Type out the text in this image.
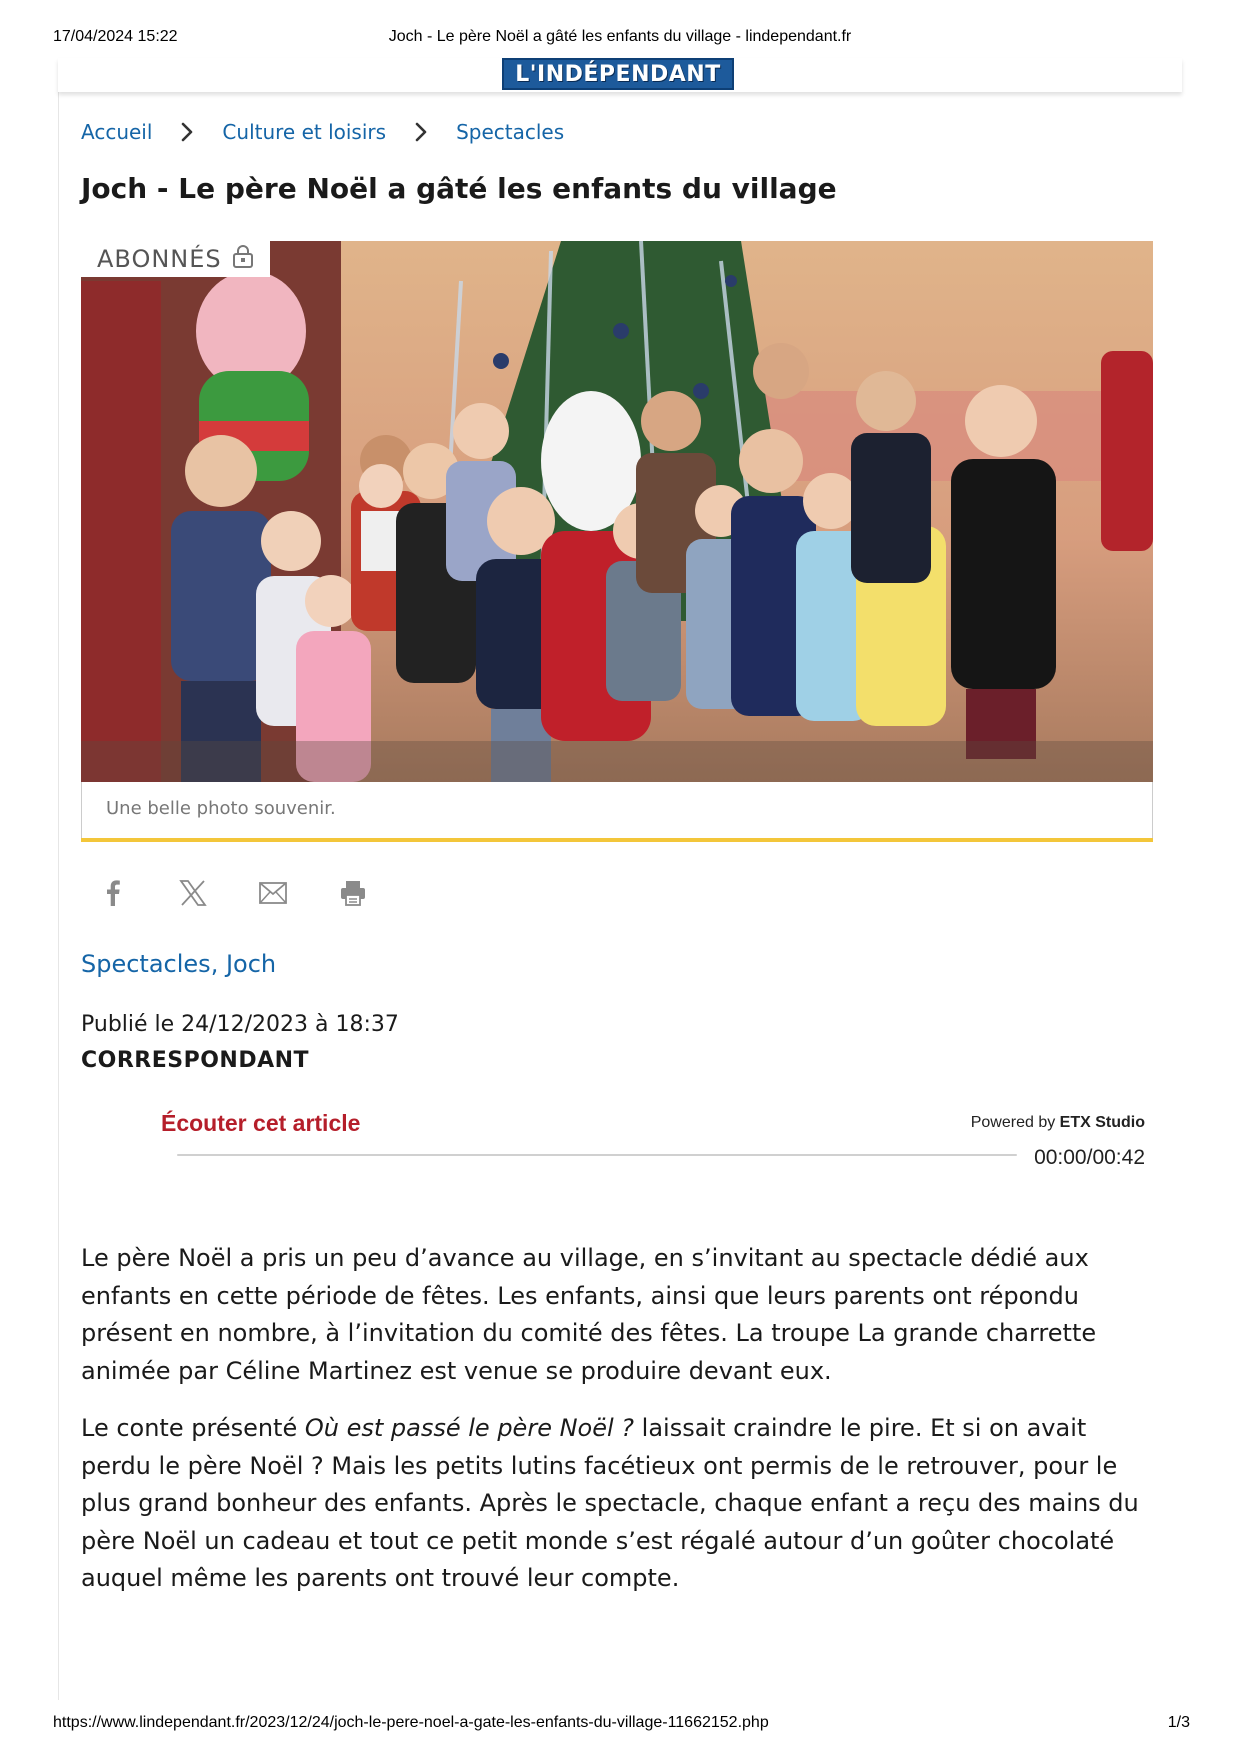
17/04/2024 15:22	Joch - Le père Noël a gâté les enfants du village - lindependant.fr
L'INDÉPENDANT
Accueil	Culture et loisirs	Spectacles
Joch - Le père Noël a gâté les enfants du village
ABONNÉS
Une belle photo souvenir.
Spectacles, Joch
Publié le 24/12/2023 à 18:37
CORRESPONDANT
Écouter cet article	Powered by ETX Studio
00:00/00:42

Le père Noël a pris un peu d’avance au village, en s’invitant au spectacle dédié aux enfants en cette période de fêtes. Les enfants, ainsi que leurs parents ont répondu présent en nombre, à l’invitation du comité des fêtes. La troupe La grande charrette animée par Céline Martinez est venue se produire devant eux.

Le conte présenté Où est passé le père Noël ? laissait craindre le pire. Et si on avait perdu le père Noël ? Mais les petits lutins facétieux ont permis de le retrouver, pour le plus grand bonheur des enfants. Après le spectacle, chaque enfant a reçu des mains du père Noël un cadeau et tout ce petit monde s’est régalé autour d’un goûter chocolaté auquel même les parents ont trouvé leur compte.

https://www.lindependant.fr/2023/12/24/joch-le-pere-noel-a-gate-les-enfants-du-village-11662152.php	1/3
